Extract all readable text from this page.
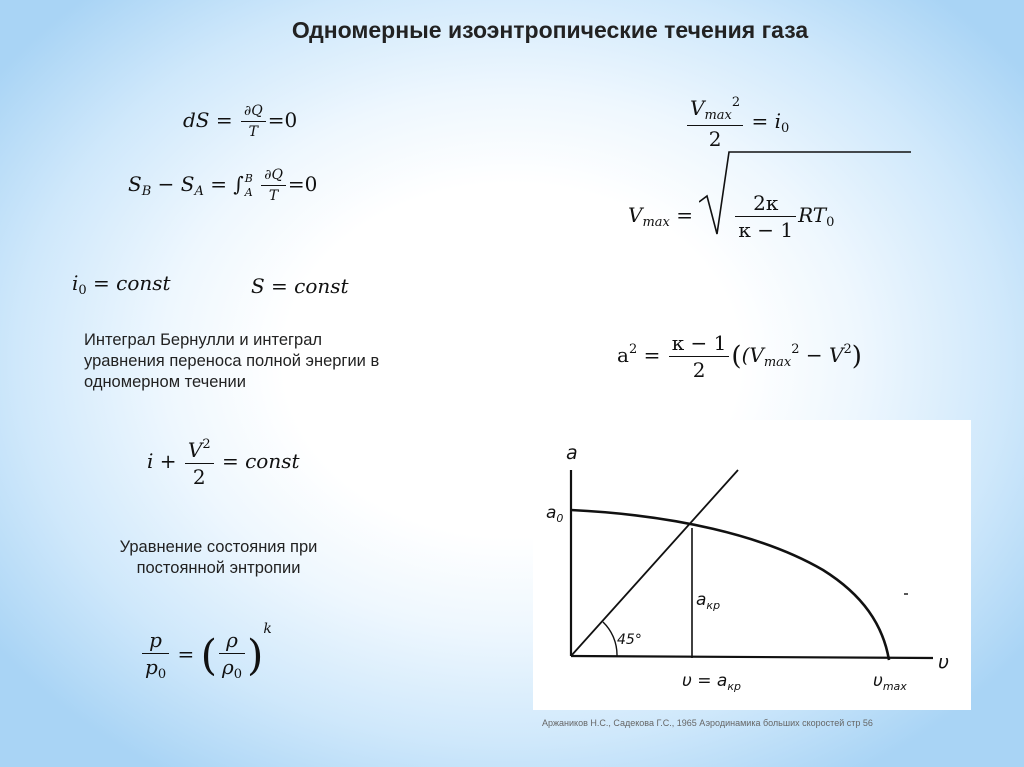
Одномерные изоэнтропические течения газа
dS = $\frac{\partial Q}{T} =0$
$S_B - S_A$ = ∫ B
A
$\frac{\partial Q}{T} =0$
$i_0$ = const	S = const
Интеграл Бернулли и интеграл уравнения переноса полной энергии в одномерном течении
$i + \frac{V^2}{2}$ = const
Уравнение состояния при постоянной энтропии
$\frac{p}{p_0}$ = ( $\frac{\rho}{\rho_0} )^k$
$\frac{V_{max}^2}{2} = i_0$
$V_{max} = \frac{2к}{к - 1} RT_0$
$a^2 = \frac{к - 1}{2} ((V_{max}^2 - V^2)$
a
$a_0$
$a_{кр}$
45°
$\upsilon = a_{кр}$	$\upsilon_{max}$
υ
Аржаников Н.С., Садекова Г.С., 1965 Аэродинамика больших скоростей стр 56
